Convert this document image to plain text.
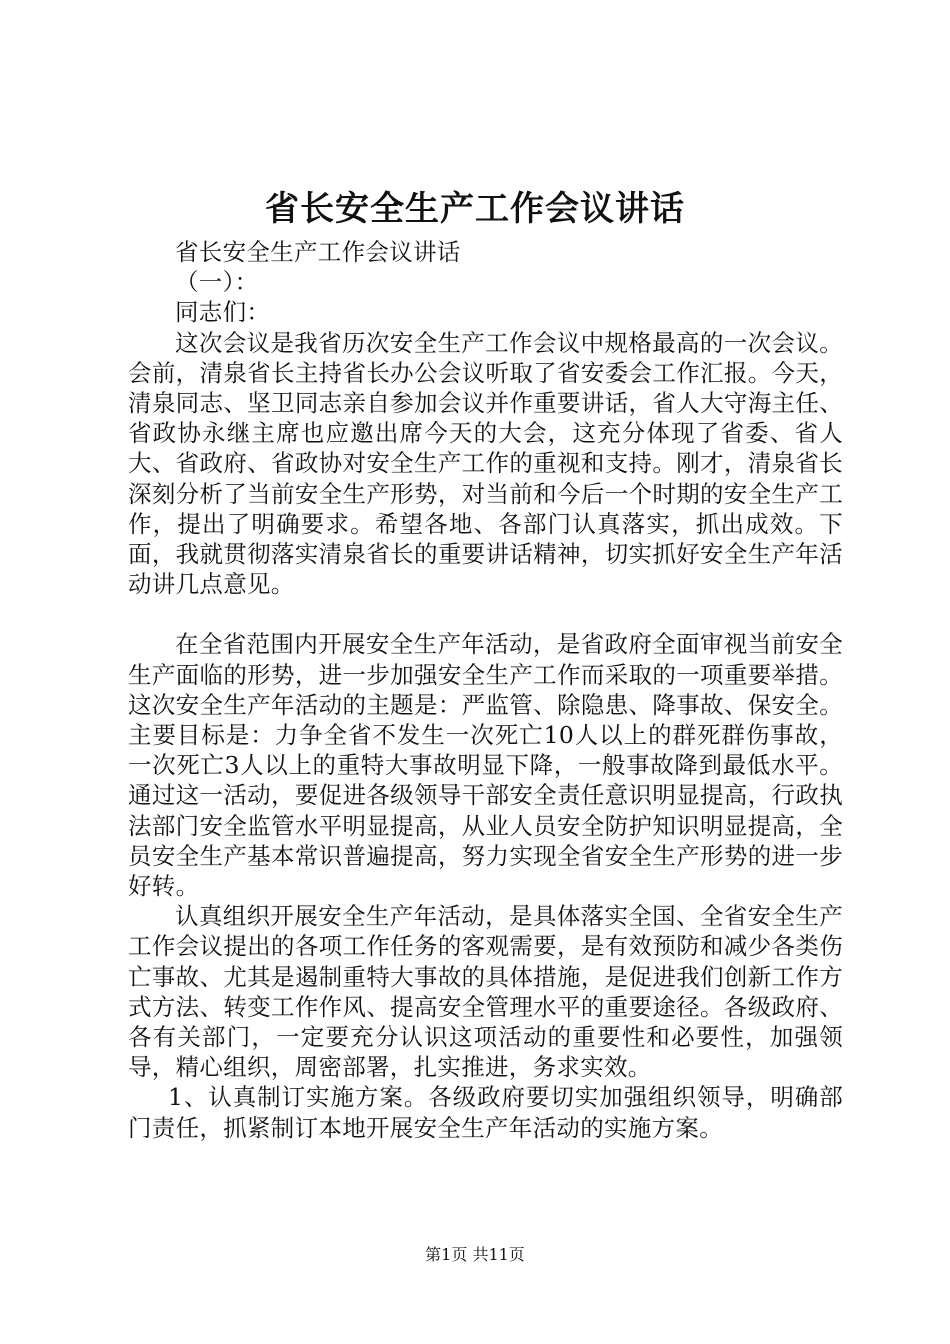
省长安全生产工作会议讲话

省长安全生产工作会议讲话

（一）：

同志们：

这次会议是我省历次安全生产工作会议中规格最高的一次会议。会前，清泉省长主持省长办公会议听取了省安委会工作汇报。今天，清泉同志、坚卫同志亲自参加会议并作重要讲话，省人大守海主任、省政协永继主席也应邀出席今天的大会，这充分体现了省委、省人大、省政府、省政协对安全生产工作的重视和支持。刚才，清泉省长深刻分析了当前安全生产形势，对当前和今后一个时期的安全生产工作，提出了明确要求。希望各地、各部门认真落实，抓出成效。下面，我就贯彻落实清泉省长的重要讲话精神，切实抓好安全生产年活动讲几点意见。

在全省范围内开展安全生产年活动，是省政府全面审视当前安全生产面临的形势，进一步加强安全生产工作而采取的一项重要举措。这次安全生产年活动的主题是：严监管、除隐患、降事故、保安全。主要目标是：力争全省不发生一次死亡10人以上的群死群伤事故，一次死亡3人以上的重特大事故明显下降，一般事故降到最低水平。通过这一活动，要促进各级领导干部安全责任意识明显提高，行政执法部门安全监管水平明显提高，从业人员安全防护知识明显提高，全员安全生产基本常识普遍提高，努力实现全省安全生产形势的进一步好转。

认真组织开展安全生产年活动，是具体落实全国、全省安全生产工作会议提出的各项工作任务的客观需要，是有效预防和减少各类伤亡事故、尤其是遏制重特大事故的具体措施，是促进我们创新工作方式方法、转变工作作风、提高安全管理水平的重要途径。各级政府、各有关部门，一定要充分认识这项活动的重要性和必要性，加强领导，精心组织，周密部署，扎实推进，务求实效。

1、认真制订实施方案。各级政府要切实加强组织领导，明确部门责任，抓紧制订本地开展安全生产年活动的实施方案。

第1页 共11页
